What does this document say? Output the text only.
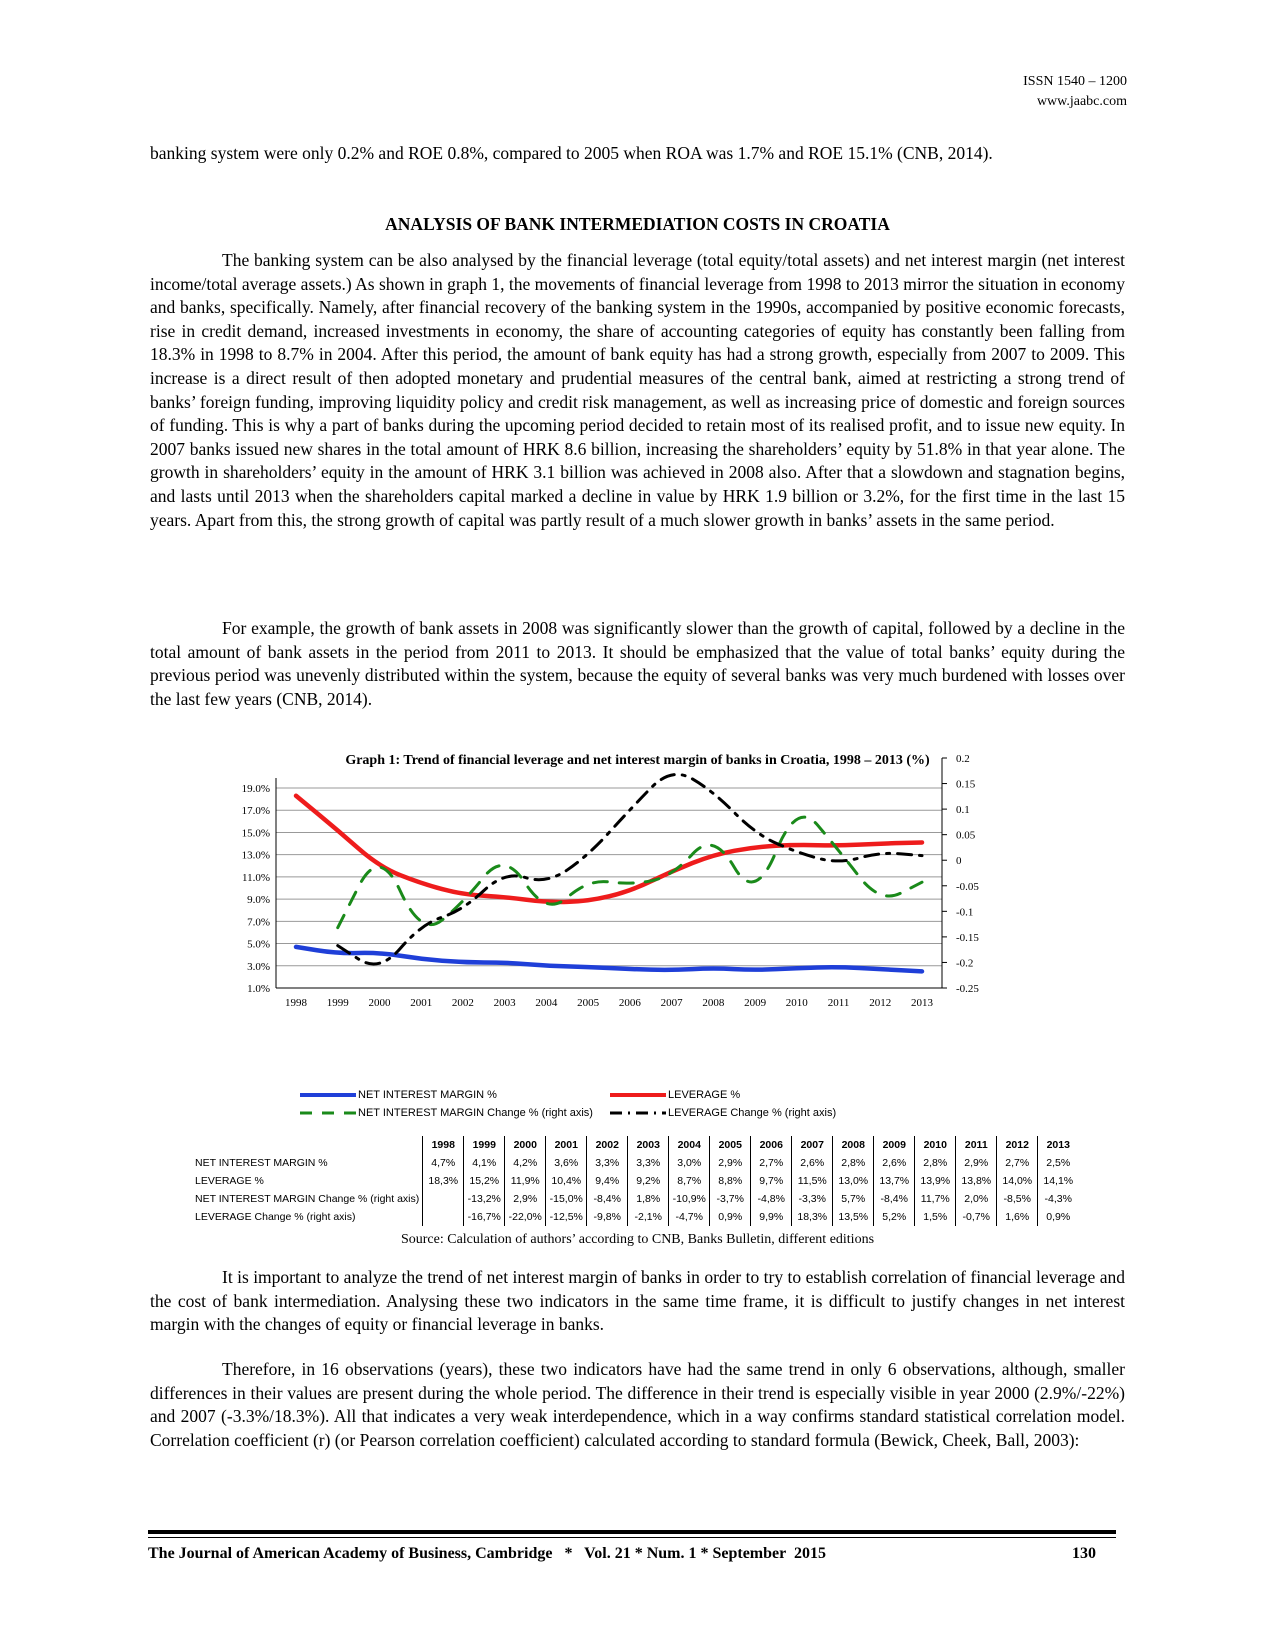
ISSN 1540 – 1200
www.jaabc.com
banking system were only 0.2% and ROE 0.8%, compared to 2005 when ROA was 1.7% and ROE 15.1% (CNB, 2014).
ANALYSIS OF BANK INTERMEDIATION COSTS IN CROATIA
The banking system can be also analysed by the financial leverage (total equity/total assets) and net interest margin (net interest income/total average assets.) As shown in graph 1, the movements of financial leverage from 1998 to 2013 mirror the situation in economy and banks, specifically. Namely, after financial recovery of the banking system in the 1990s, accompanied by positive economic forecasts, rise in credit demand, increased investments in economy, the share of accounting categories of equity has constantly been falling from 18.3% in 1998 to 8.7% in 2004. After this period, the amount of bank equity has had a strong growth, especially from 2007 to 2009. This increase is a direct result of then adopted monetary and prudential measures of the central bank, aimed at restricting a strong trend of banks’ foreign funding, improving liquidity policy and credit risk management, as well as increasing price of domestic and foreign sources of funding. This is why a part of banks during the upcoming period decided to retain most of its realised profit, and to issue new equity. In 2007 banks issued new shares in the total amount of HRK 8.6 billion, increasing the shareholders’ equity by 51.8% in that year alone. The growth in shareholders’ equity in the amount of HRK 3.1 billion was achieved in 2008 also. After that a slowdown and stagnation begins, and lasts until 2013 when the shareholders capital marked a decline in value by HRK 1.9 billion or 3.2%, for the first time in the last 15 years. Apart from this, the strong growth of capital was partly result of a much slower growth in banks’ assets in the same period.
For example, the growth of bank assets in 2008 was significantly slower than the growth of capital, followed by a decline in the total amount of bank assets in the period from 2011 to 2013. It should be emphasized that the value of total banks’ equity during the previous period was unevenly distributed within the system, because the equity of several banks was very much burdened with losses over the last few years (CNB, 2014).
Graph 1: Trend of financial leverage and net interest margin of banks in Croatia, 1998 – 2013 (%)
1.0%
3.0%
5.0%
7.0%
9.0%
11.0%
13.0%
15.0%
17.0%
19.0%
-0.25
-0.2
-0.15
-0.1
-0.05
0
0.05
0.1
0.15
0.2
1998 1999 2000 2001 2002 2003 2004 2005 2006 2007 2008 2009 2010 2011 2012 2013
NET INTEREST MARGIN %	LEVERAGE %
NET INTEREST MARGIN Change % (right axis)	LEVERAGE Change % (right axis)
	1998	1999	2000	2001	2002	2003	2004	2005	2006	2007	2008	2009	2010	2011	2012	2013
NET INTEREST MARGIN %	4,7%	4,1%	4,2%	3,6%	3,3%	3,3%	3,0%	2,9%	2,7%	2,6%	2,8%	2,6%	2,8%	2,9%	2,7%	2,5%
LEVERAGE %	18,3%	15,2%	11,9%	10,4%	9,4%	9,2%	8,7%	8,8%	9,7%	11,5%	13,0%	13,7%	13,9%	13,8%	14,0%	14,1%
NET INTEREST MARGIN Change % (right axis)		-13,2%	2,9%	-15,0%	-8,4%	1,8%	-10,9%	-3,7%	-4,8%	-3,3%	5,7%	-8,4%	11,7%	2,0%	-8,5%	-4,3%
LEVERAGE Change % (right axis)		-16,7%	-22,0%	-12,5%	-9,8%	-2,1%	-4,7%	0,9%	9,9%	18,3%	13,5%	5,2%	1,5%	-0,7%	1,6%	0,9%
Source: Calculation of authors’ according to CNB, Banks Bulletin, different editions
It is important to analyze the trend of net interest margin of banks in order to try to establish correlation of financial leverage and the cost of bank intermediation. Analysing these two indicators in the same time frame, it is difficult to justify changes in net interest margin with the changes of equity or financial leverage in banks.
Therefore, in 16 observations (years), these two indicators have had the same trend in only 6 observations, although, smaller differences in their values are present during the whole period. The difference in their trend is especially visible in year 2000 (2.9%/-22%) and 2007 (-3.3%/18.3%). All that indicates a very weak interdependence, which in a way confirms standard statistical correlation model. Correlation coefficient (r) (or Pearson correlation coefficient) calculated according to standard formula (Bewick, Cheek, Ball, 2003):
The Journal of American Academy of Business, Cambridge   *   Vol. 21 * Num. 1 * September  2015	130
